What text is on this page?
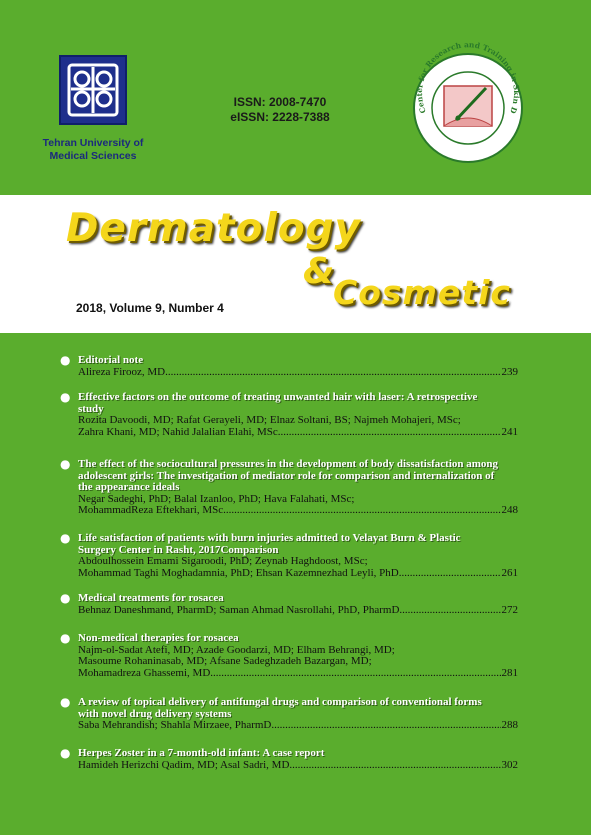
Tehran University of
Medical Sciences
ISSN: 2008-7470
eISSN: 2228-7388	Center for Research and Training in Skin D
Dermatology
&
Cosmetic
2018, Volume 9, Number 4
● Editorial note
Alireza Firooz, MD .....	239
● Effective factors on the outcome of treating unwanted hair with laser: A retrospective
study
Rozita Davoodi, MD; Rafat Gerayeli, MD; Elnaz Soltani, BS; Najmeh Mohajeri, MSc;
Zahra Khani, MD; Nahid Jalalian Elahi, MSc .....	241
● The effect of the sociocultural pressures in the development of body dissatisfaction among
adolescent girls: The investigation of mediator role for comparison and internalization of
the appearance ideals
Negar Sadeghi, PhD; Balal Izanloo, PhD; Hava Falahati, MSc;
MohammadReza Eftekhari, MSc .....	248
● Life satisfaction of patients with burn injuries admitted to Velayat Burn & Plastic
Surgery Center in Rasht, 2017Comparison
Abdoulhossein Emami Sigaroodi, PhD; Zeynab Haghdoost, MSc;
Mohammad Taghi Moghadamnia, PhD; Ehsan Kazemnezhad Leyli, PhD .....	261
● Medical treatments for rosacea
Behnaz Daneshmand, PharmD; Saman Ahmad Nasrollahi, PhD, PharmD .....	272
● Non-medical therapies for rosacea
Najm-ol-Sadat Atefi, MD; Azade Goodarzi, MD; Elham Behrangi, MD;
Masoume Rohaninasab, MD; Afsane Sadeghzadeh Bazargan, MD;
Mohamadreza Ghassemi, MD .....	281
● A review of topical delivery of antifungal drugs and comparison of conventional forms
with novel drug delivery systems
Saba Mehrandish; Shahla Mirzaee, PharmD .....	288
● Herpes Zoster in a 7-month-old infant: A case report
Hamideh Herizchi Qadim, MD; Asal Sadri, MD .....	302
